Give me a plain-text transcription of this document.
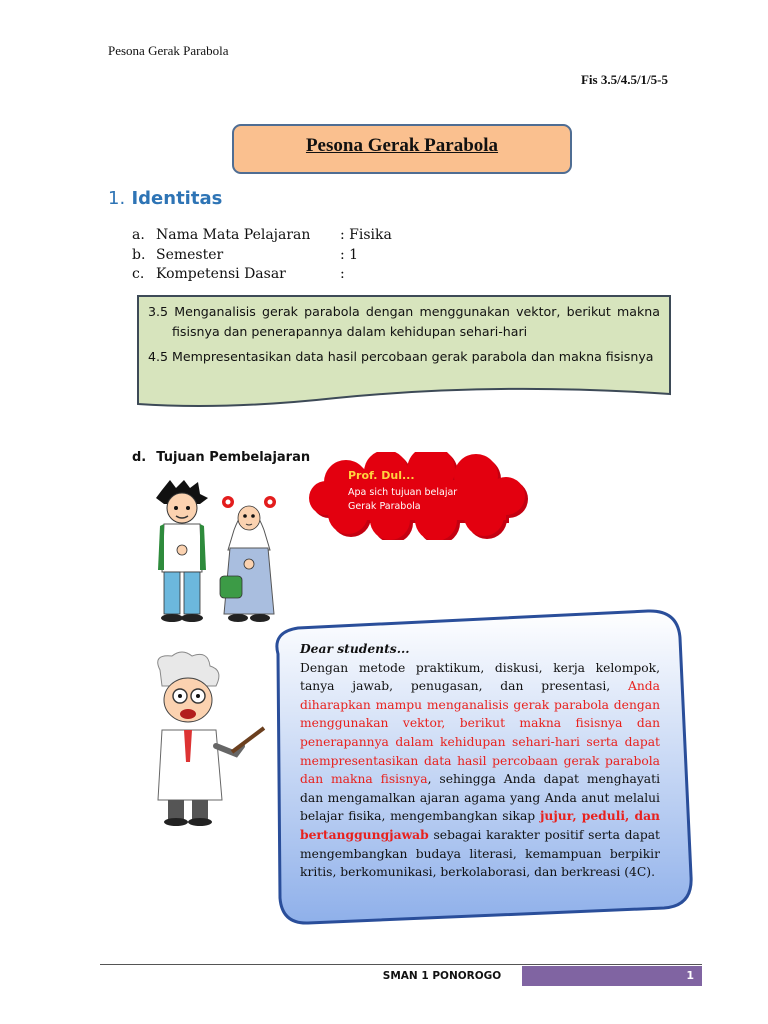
Pesona Gerak Parabola
Fis 3.5/4.5/1/5-5
Pesona Gerak Parabola
1. Identitas
a. Nama Mata Pelajaran : Fisika
b. Semester	: 1
c. Kompetensi Dasar	:
3.5 Menganalisis gerak parabola dengan menggunakan vektor, berikut makna fisisnya dan penerapannya dalam kehidupan sehari-hari
4.5 Mempresentasikan data hasil percobaan gerak parabola dan makna fisisnya
d. Tujuan Pembelajaran
Prof. Dul...
Apa sich tujuan belajar
Gerak Parabola
Dear students...
Dengan metode praktikum, diskusi, kerja kelompok, tanya jawab, penugasan, dan presentasi, Anda diharapkan mampu menganalisis gerak parabola dengan menggunakan vektor, berikut makna fisisnya dan penerapannya dalam kehidupan sehari-hari serta dapat mempresentasikan data hasil percobaan gerak parabola dan makna fisisnya, sehingga Anda dapat menghayati dan mengamalkan ajaran agama yang Anda anut melalui belajar fisika, mengembangkan sikap jujur, peduli, dan bertanggungjawab sebagai karakter positif serta dapat mengembangkan budaya literasi, kemampuan berpikir kritis, berkomunikasi, berkolaborasi, dan berkreasi (4C).
SMAN 1 PONOROGO	1
